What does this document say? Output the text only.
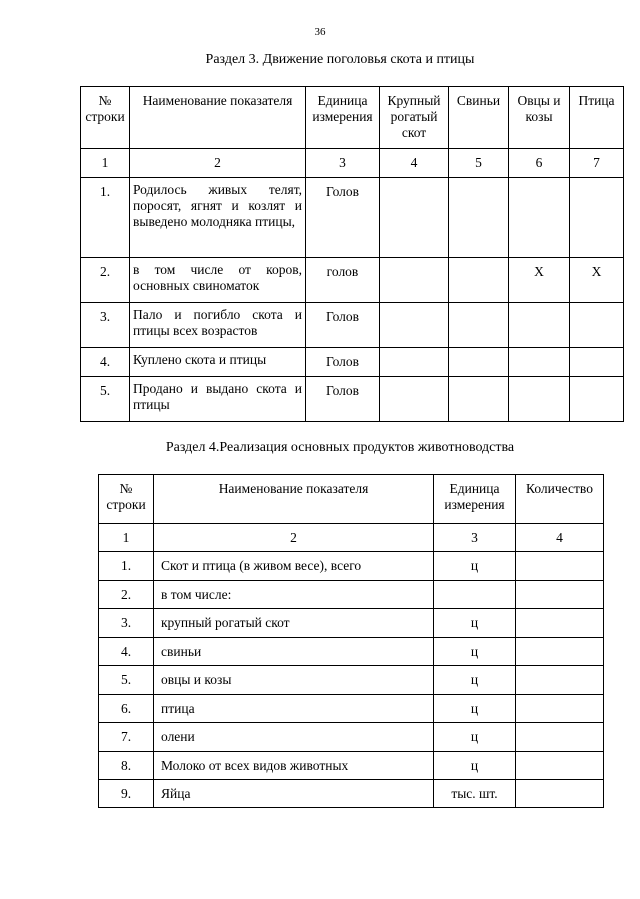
36
Раздел 3. Движение поголовья скота и птицы
№ строки	Наименование показателя	Единица измерения	Крупный рогатый скот	Свиньи	Овцы и козы	Птица
1	2	3	4	5	6	7
1.	Родилось живых телят, поросят, ягнят и козлят и выведено молодняка птицы,	Голов				
2.	в том числе от коров, основных свиноматок	голов			X	X
3.	Пало и погибло скота и птицы всех возрастов	Голов				
4.	Куплено скота и птицы	Голов				
5.	Продано и выдано скота и птицы	Голов				
Раздел 4.Реализация основных продуктов животноводства
№ строки	Наименование показателя	Единица измерения	Количество
1	2	3	4
1.	Скот и птица (в живом весе), всего	ц	
2.	в том числе:		
3.	крупный рогатый скот	ц	
4.	свиньи	ц	
5.	овцы и козы	ц	
6.	птица	ц	
7.	олени	ц	
8.	Молоко от всех видов животных	ц	
9.	Яйца	тыс. шт.	
